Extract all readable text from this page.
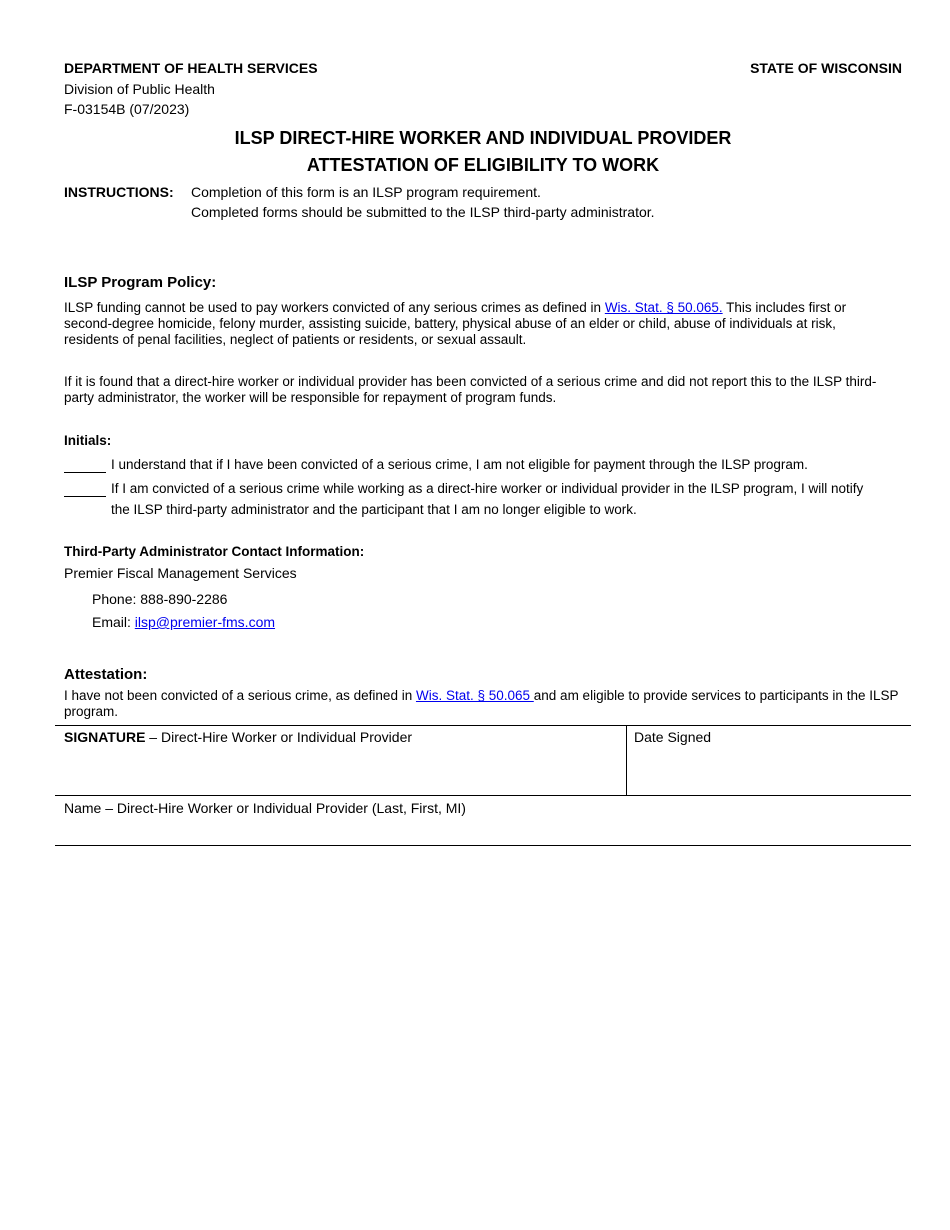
DEPARTMENT OF HEALTH SERVICES	STATE OF WISCONSIN
Division of Public Health
F-03154B (07/2023)
ILSP DIRECT-HIRE WORKER AND INDIVIDUAL PROVIDER
ATTESTATION OF ELIGIBILITY TO WORK
INSTRUCTIONS: Completion of this form is an ILSP program requirement.
Completed forms should be submitted to the ILSP third-party administrator.
ILSP Program Policy:
ILSP funding cannot be used to pay workers convicted of any serious crimes as defined in Wis. Stat. § 50.065. This includes first or second-degree homicide, felony murder, assisting suicide, battery, physical abuse of an elder or child, abuse of individuals at risk, residents of penal facilities, neglect of patients or residents, or sexual assault.
If it is found that a direct-hire worker or individual provider has been convicted of a serious crime and did not report this to the ILSP third-party administrator, the worker will be responsible for repayment of program funds.
Initials:
I understand that if I have been convicted of a serious crime, I am not eligible for payment through the ILSP program.
If I am convicted of a serious crime while working as a direct-hire worker or individual provider in the ILSP program, I will notify
the ILSP third-party administrator and the participant that I am no longer eligible to work.
Third-Party Administrator Contact Information:
Premier Fiscal Management Services
Phone: 888-890-2286
Email: ilsp@premier-fms.com
Attestation:
I have not been convicted of a serious crime, as defined in Wis. Stat. § 50.065 and am eligible to provide services to participants in the ILSP program.
SIGNATURE – Direct-Hire Worker or Individual Provider	Date Signed
Name – Direct-Hire Worker or Individual Provider (Last, First, MI)
